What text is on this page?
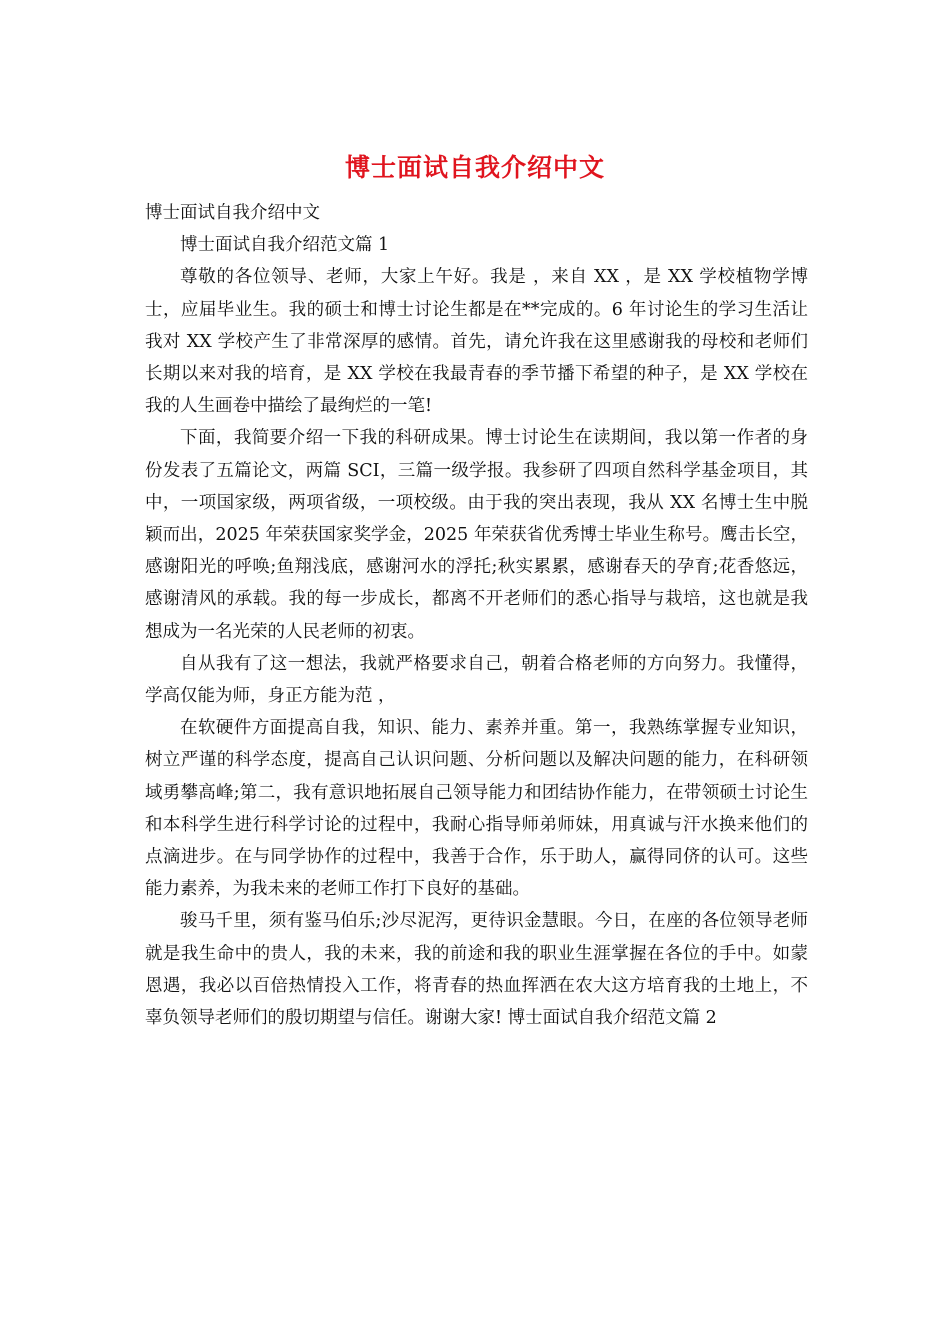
博士面试自我介绍中文

博士面试自我介绍中文

博士面试自我介绍范文篇 1

尊敬的各位领导、老师，大家上午好。我是 ，来自 XX ，是 XX 学校植物学博士，应届毕业生。我的硕士和博士讨论生都是在**完成的。6 年讨论生的学习生活让我对 XX 学校产生了非常深厚的感情。首先，请允许我在这里感谢我的母校和老师们长期以来对我的培育，是 XX 学校在我最青春的季节播下希望的种子，是 XX 学校在我的人生画卷中描绘了最绚烂的一笔!

下面，我简要介绍一下我的科研成果。博士讨论生在读期间，我以第一作者的身份发表了五篇论文，两篇 SCI，三篇一级学报。我参研了四项自然科学基金项目，其中，一项国家级，两项省级，一项校级。由于我的突出表现，我从 XX 名博士生中脱颖而出，2025 年荣获国家奖学金，2025 年荣获省优秀博士毕业生称号。鹰击长空，感谢阳光的呼唤;鱼翔浅底，感谢河水的浮托;秋实累累，感谢春天的孕育;花香悠远，感谢清风的承载。我的每一步成长，都离不开老师们的悉心指导与栽培，这也就是我想成为一名光荣的人民老师的初衷。

自从我有了这一想法，我就严格要求自己，朝着合格老师的方向努力。我懂得， 学高仅能为师，身正方能为范 ，

在软硬件方面提高自我，知识、能力、素养并重。第一，我熟练掌握专业知识，树立严谨的科学态度，提高自己认识问题、分析问题以及解决问题的能力，在科研领域勇攀高峰;第二，我有意识地拓展自己领导能力和团结协作能力，在带领硕士讨论生和本科学生进行科学讨论的过程中，我耐心指导师弟师妹，用真诚与汗水换来他们的点滴进步。在与同学协作的过程中，我善于合作，乐于助人，赢得同侪的认可。这些能力素养，为我未来的老师工作打下良好的基础。

骏马千里，须有鉴马伯乐;沙尽泥泻，更待识金慧眼。今日，在座的各位领导老师就是我生命中的贵人，我的未来，我的前途和我的职业生涯掌握在各位的手中。如蒙恩遇，我必以百倍热情投入工作，将青春的热血挥洒在农大这方培育我的土地上，不辜负领导老师们的殷切期望与信任。谢谢大家! 博士面试自我介绍范文篇 2
